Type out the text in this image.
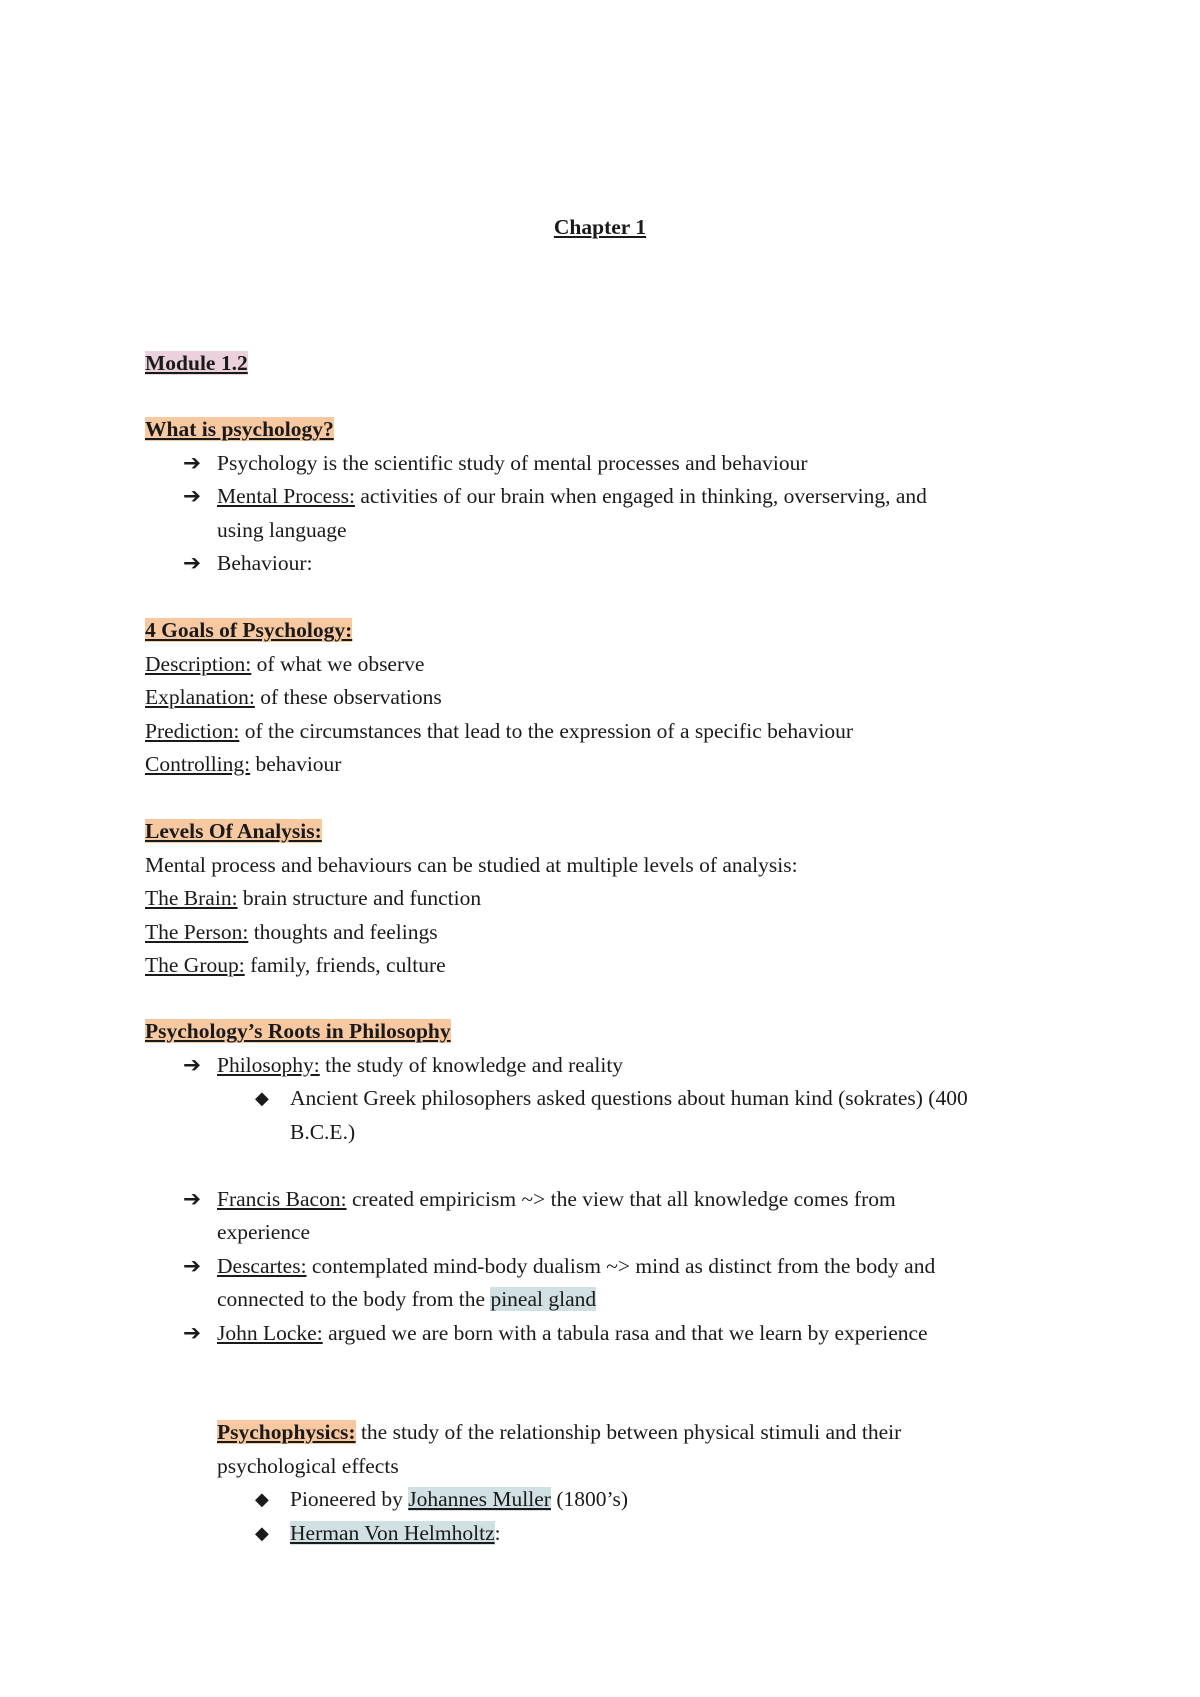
Chapter 1
Module 1.2
What is psychology?
➔ Psychology is the scientific study of mental processes and behaviour
➔ Mental Process: activities of our brain when engaged in thinking, overserving, and
using language
➔ Behaviour:
4 Goals of Psychology:
Description: of what we observe
Explanation: of these observations
Prediction: of the circumstances that lead to the expression of a specific behaviour
Controlling: behaviour
Levels Of Analysis:
Mental process and behaviours can be studied at multiple levels of analysis:
The Brain: brain structure and function
The Person: thoughts and feelings
The Group: family, friends, culture
Psychology’s Roots in Philosophy
➔ Philosophy: the study of knowledge and reality
◆ Ancient Greek philosophers asked questions about human kind (sokrates) (400
B.C.E.)
➔ Francis Bacon: created empiricism ~> the view that all knowledge comes from
experience
➔ Descartes: contemplated mind-body dualism ~> mind as distinct from the body and
connected to the body from the pineal gland
➔ John Locke: argued we are born with a tabula rasa and that we learn by experience
Psychophysics: the study of the relationship between physical stimuli and their
psychological effects
◆ Pioneered by Johannes Muller (1800’s)
◆ Herman Von Helmholtz:
